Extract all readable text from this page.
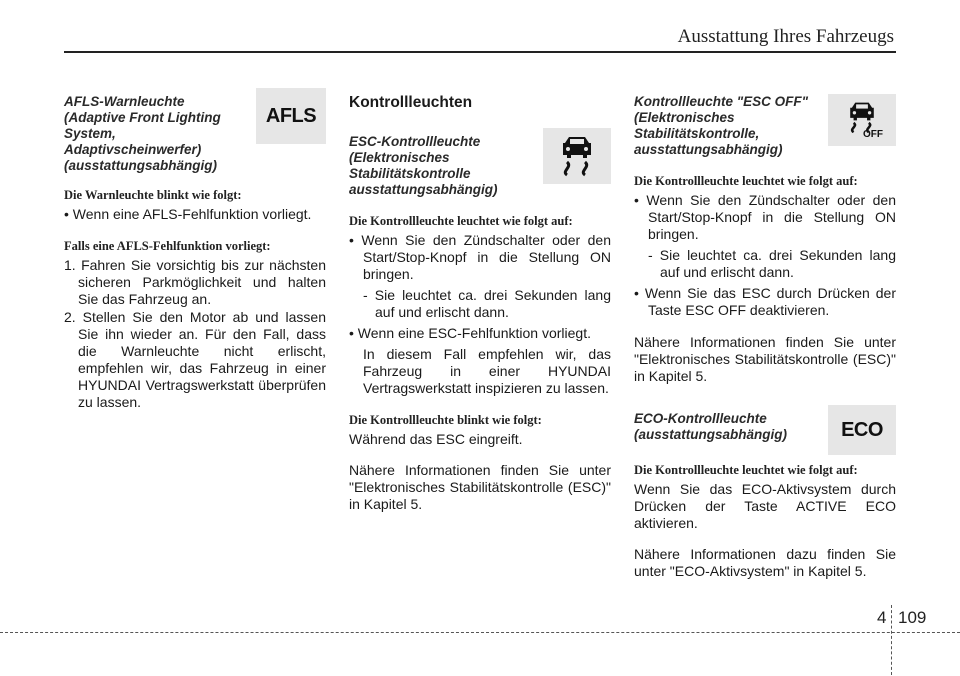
Ausstattung Ihres Fahrzeugs
AFLS-Warnleuchte
(Adaptive Front Lighting
System,
Adaptivscheinwerfer)
(ausstattungsabhängig)
AFLS
Die Warnleuchte blinkt wie folgt:
• Wenn eine AFLS-Fehlfunktion vorliegt.
Falls eine AFLS-Fehlfunktion vorliegt:
1. Fahren Sie vorsichtig bis zur nächsten sicheren Parkmöglichkeit und halten Sie das Fahrzeug an.
2. Stellen Sie den Motor ab und lassen Sie ihn wieder an. Für den Fall, dass die Warnleuchte nicht erlischt, empfehlen wir, das Fahrzeug in einer HYUNDAI Vertragswerkstatt überprüfen zu lassen.
Kontrollleuchten
ESC-Kontrollleuchte
(Elektronisches
Stabilitätskontrolle
ausstattungsabhängig)
Die Kontrollleuchte leuchtet wie folgt auf:
• Wenn Sie den Zündschalter oder den Start/Stop-Knopf in die Stellung ON bringen.
- Sie leuchtet ca. drei Sekunden lang auf und erlischt dann.
• Wenn eine ESC-Fehlfunktion vorliegt.
In diesem Fall empfehlen wir, das Fahrzeug in einer HYUNDAI Vertragswerkstatt inspizieren zu lassen.
Die Kontrollleuchte blinkt wie folgt:
Während das ESC eingreift.
Nähere Informationen finden Sie unter "Elektronisches Stabilitätskontrolle (ESC)" in Kapitel 5.
Kontrollleuchte "ESC OFF"
(Elektronisches
Stabilitätskontrolle,
ausstattungsabhängig)
OFF
Die Kontrollleuchte leuchtet wie folgt auf:
• Wenn Sie den Zündschalter oder den Start/Stop-Knopf in die Stellung ON bringen.
- Sie leuchtet ca. drei Sekunden lang auf und erlischt dann.
• Wenn Sie das ESC durch Drücken der Taste ESC OFF deaktivieren.
Nähere Informationen finden Sie unter "Elektronisches Stabilitätskontrolle (ESC)" in Kapitel 5.
ECO-Kontrollleuchte
(ausstattungsabhängig)	ECO
Die Kontrollleuchte leuchtet wie folgt auf:
Wenn Sie das ECO-Aktivsystem durch Drücken der Taste ACTIVE ECO aktivieren.
Nähere Informationen dazu finden Sie unter "ECO-Aktivsystem" in Kapitel 5.
4 109
